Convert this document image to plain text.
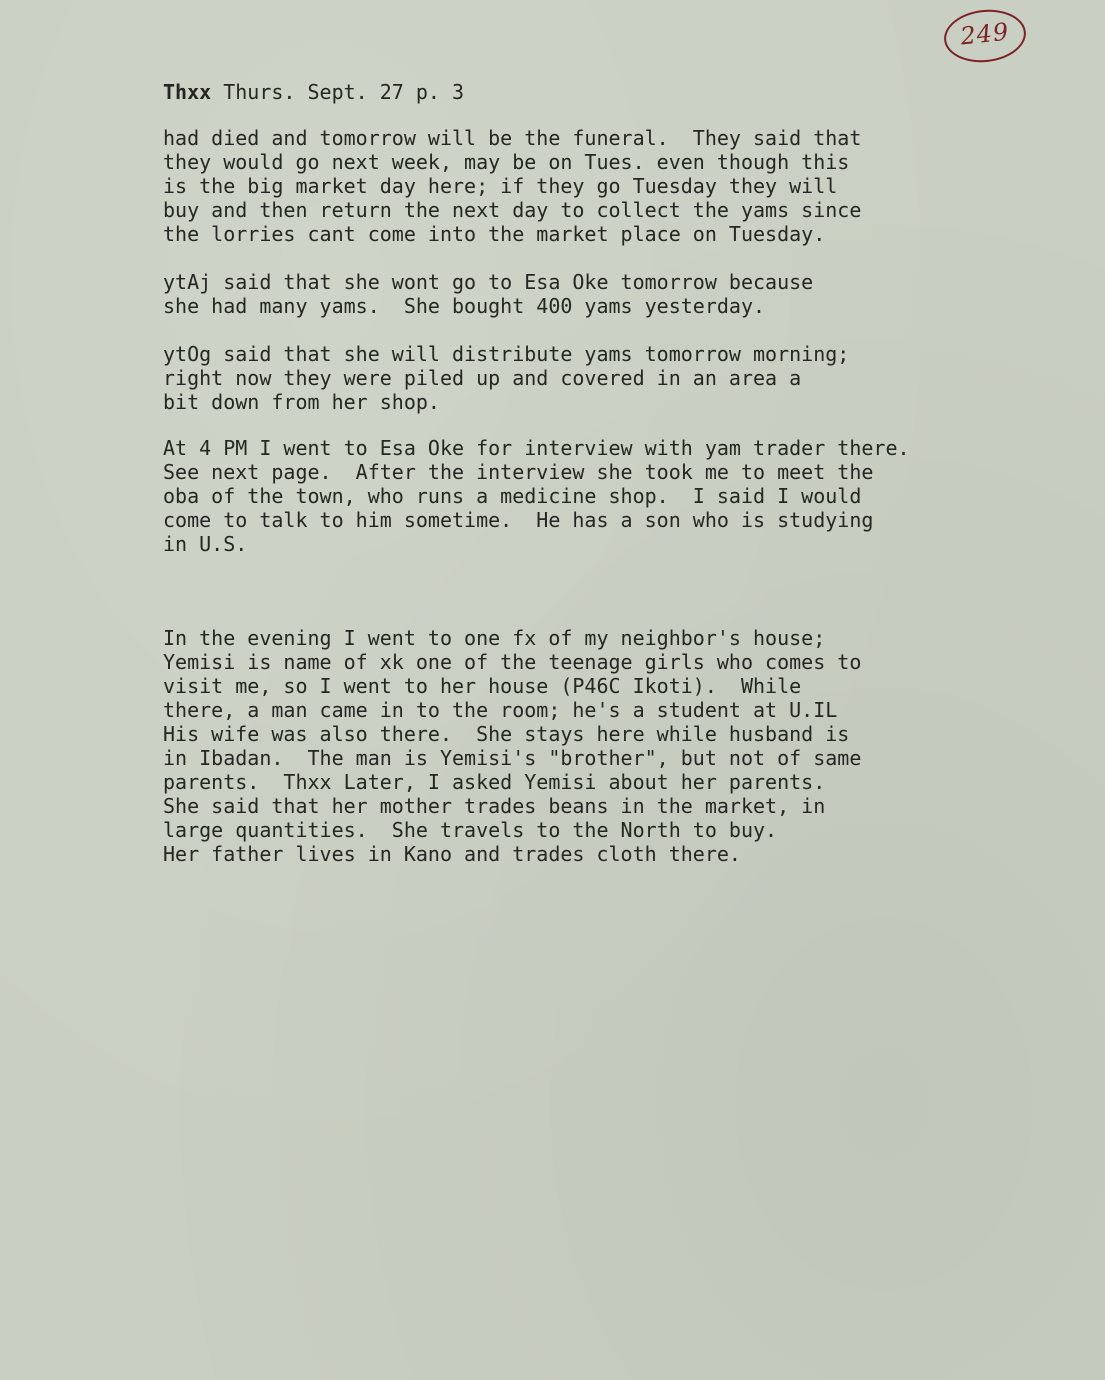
249
Thxx Thurs. Sept. 27 p. 3

had died and tomorrow will be the funeral.  They said that
they would go next week, may be on Tues. even though this
is the big market day here; if they go Tuesday they will
buy and then return the next day to collect the yams since
the lorries cant come into the market place on Tuesday.

ytAj said that she wont go to Esa Oke tomorrow because
she had many yams.  She bought 400 yams yesterday.

ytOg said that she will distribute yams tomorrow morning;
right now they were piled up and covered in an area a
bit down from her shop.

At 4 PM I went to Esa Oke for interview with yam trader there.
See next page.  After the interview she took me to meet the
oba of the town, who runs a medicine shop.  I said I would
come to talk to him sometime.  He has a son who is studying
in U.S.

In the evening I went to one fx of my neighbor's house;
Yemisi is name of xk one of the teenage girls who comes to
visit me, so I went to her house (P46C Ikoti).  While
there, a man came in to the room; he's a student at U.IL
His wife was also there.  She stays here while husband is
in Ibadan.  The man is Yemisi's "brother", but not of same
parents.  Thxx Later, I asked Yemisi about her parents.
She said that her mother trades beans in the market, in
large quantities.  She travels to the North to buy.
Her father lives in Kano and trades cloth there.
